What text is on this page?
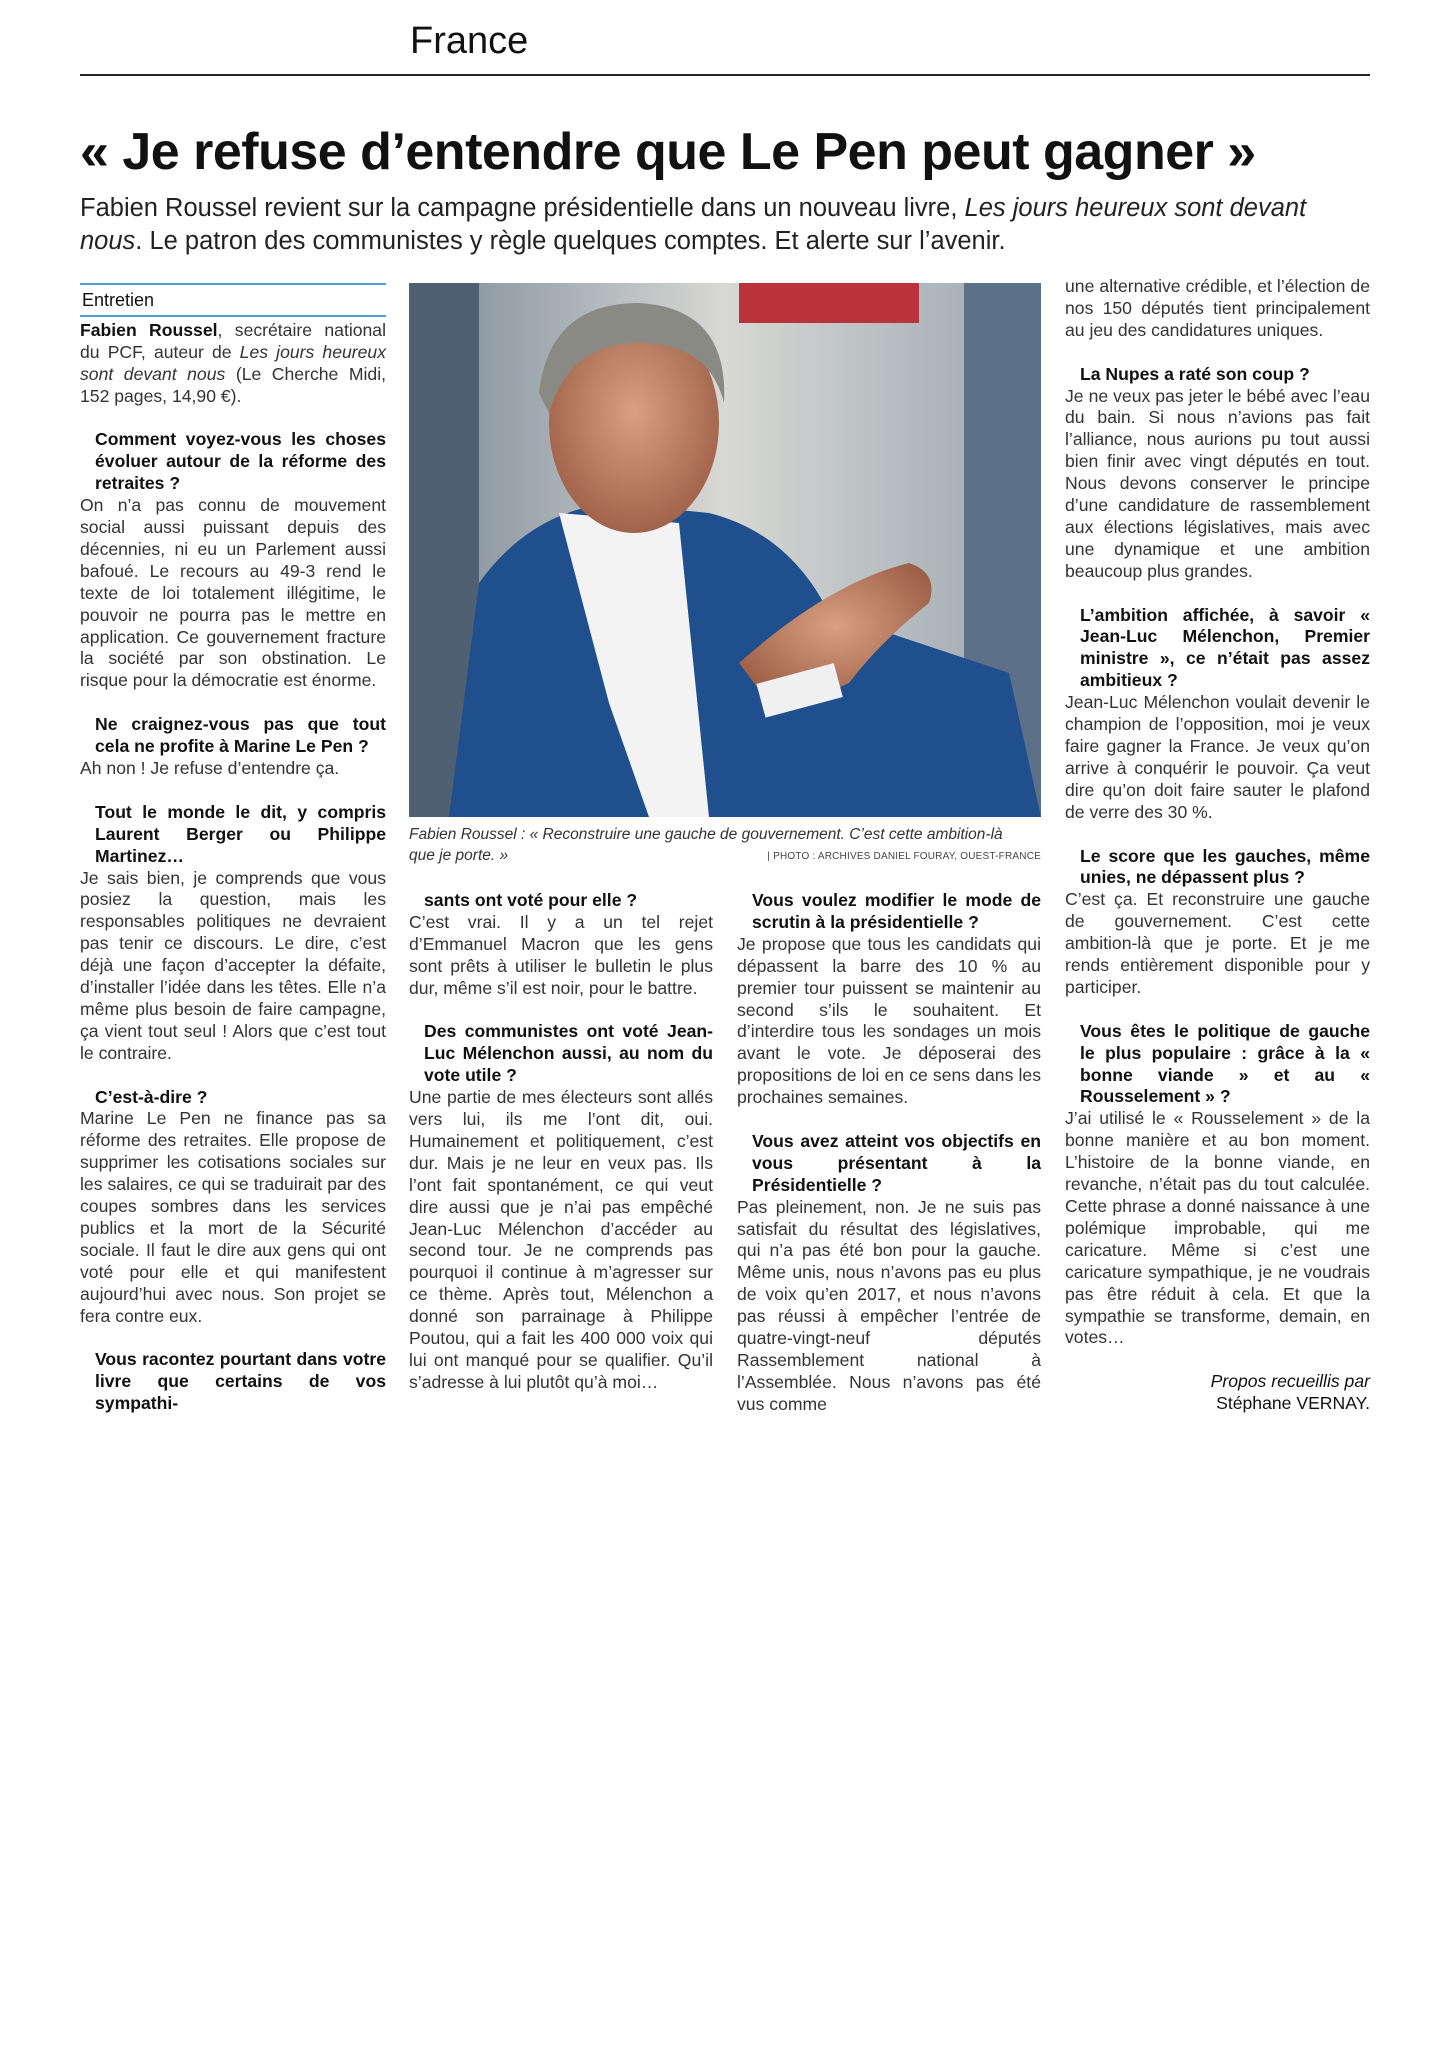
France
« Je refuse d’entendre que Le Pen peut gagner »
Fabien Roussel revient sur la campagne présidentielle dans un nouveau livre, Les jours heureux sont devant nous. Le patron des communistes y règle quelques comptes. Et alerte sur l’avenir.
Entretien

Fabien Roussel, secrétaire national du PCF, auteur de Les jours heureux sont devant nous (Le Cherche Midi, 152 pages, 14,90 €).

Comment voyez-vous les choses évoluer autour de la réforme des retraites ?

On n’a pas connu de mouvement social aussi puissant depuis des décennies, ni eu un Parlement aussi bafoué. Le recours au 49-3 rend le texte de loi totalement illégitime, le pouvoir ne pourra pas le mettre en application. Ce gouvernement fracture la société par son obstination. Le risque pour la démocratie est énorme.

Ne craignez-vous pas que tout cela ne profite à Marine Le Pen ?

Ah non ! Je refuse d’entendre ça.

Tout le monde le dit, y compris Laurent Berger ou Philippe Martinez…

Je sais bien, je comprends que vous posiez la question, mais les responsables politiques ne devraient pas tenir ce discours. Le dire, c’est déjà une façon d’accepter la défaite, d’installer l’idée dans les têtes. Elle n’a même plus besoin de faire campagne, ça vient tout seul ! Alors que c’est tout le contraire.

C’est-à-dire ?

Marine Le Pen ne finance pas sa réforme des retraites. Elle propose de supprimer les cotisations sociales sur les salaires, ce qui se traduirait par des coupes sombres dans les services publics et la mort de la Sécurité sociale. Il faut le dire aux gens qui ont voté pour elle et qui manifestent aujourd’hui avec nous. Son projet se fera contre eux.

Vous racontez pourtant dans votre livre que certains de vos sympathi-

Fabien Roussel : « Reconstruire une gauche de gouvernement. C’est cette ambition-là que je porte. »	| PHOTO : ARCHIVES DANIEL FOURAY, OUEST-FRANCE

sants ont voté pour elle ?

C’est vrai. Il y a un tel rejet d’Emmanuel Macron que les gens sont prêts à utiliser le bulletin le plus dur, même s’il est noir, pour le battre.

Des communistes ont voté Jean-Luc Mélenchon aussi, au nom du vote utile ?

Une partie de mes électeurs sont allés vers lui, ils me l’ont dit, oui. Humainement et politiquement, c’est dur. Mais je ne leur en veux pas. Ils l’ont fait spontanément, ce qui veut dire aussi que je n’ai pas empêché Jean-Luc Mélenchon d’accéder au second tour. Je ne comprends pas pourquoi il continue à m’agresser sur ce thème. Après tout, Mélenchon a donné son parrainage à Philippe Poutou, qui a fait les 400 000 voix qui lui ont manqué pour se qualifier. Qu’il s’adresse à lui plutôt qu’à moi…

Vous voulez modifier le mode de scrutin à la présidentielle ?

Je propose que tous les candidats qui dépassent la barre des 10 % au premier tour puissent se maintenir au second s’ils le souhaitent. Et d’interdire tous les sondages un mois avant le vote. Je déposerai des propositions de loi en ce sens dans les prochaines semaines.

Vous avez atteint vos objectifs en vous présentant à la Présidentielle ?

Pas pleinement, non. Je ne suis pas satisfait du résultat des législatives, qui n’a pas été bon pour la gauche. Même unis, nous n’avons pas eu plus de voix qu’en 2017, et nous n’avons pas réussi à empêcher l’entrée de quatre-vingt-neuf députés Rassemblement national à l’Assemblée. Nous n’avons pas été vus comme

une alternative crédible, et l’élection de nos 150 députés tient principalement au jeu des candidatures uniques.

La Nupes a raté son coup ?

Je ne veux pas jeter le bébé avec l’eau du bain. Si nous n’avions pas fait l’alliance, nous aurions pu tout aussi bien finir avec vingt députés en tout. Nous devons conserver le principe d’une candidature de rassemblement aux élections législatives, mais avec une dynamique et une ambition beaucoup plus grandes.

L’ambition affichée, à savoir « Jean-Luc Mélenchon, Premier ministre », ce n’était pas assez ambitieux ?

Jean-Luc Mélenchon voulait devenir le champion de l’opposition, moi je veux faire gagner la France. Je veux qu’on arrive à conquérir le pouvoir. Ça veut dire qu’on doit faire sauter le plafond de verre des 30 %.

Le score que les gauches, même unies, ne dépassent plus ?

C’est ça. Et reconstruire une gauche de gouvernement. C’est cette ambition-là que je porte. Et je me rends entièrement disponible pour y participer.

Vous êtes le politique de gauche le plus populaire : grâce à la « bonne viande » et au « Rousselement » ?

J’ai utilisé le « Rousselement » de la bonne manière et au bon moment. L’histoire de la bonne viande, en revanche, n’était pas du tout calculée. Cette phrase a donné naissance à une polémique improbable, qui me caricature. Même si c’est une caricature sympathique, je ne voudrais pas être réduit à cela. Et que la sympathie se transforme, demain, en votes…

Propos recueillis par

Stéphane VERNAY.
